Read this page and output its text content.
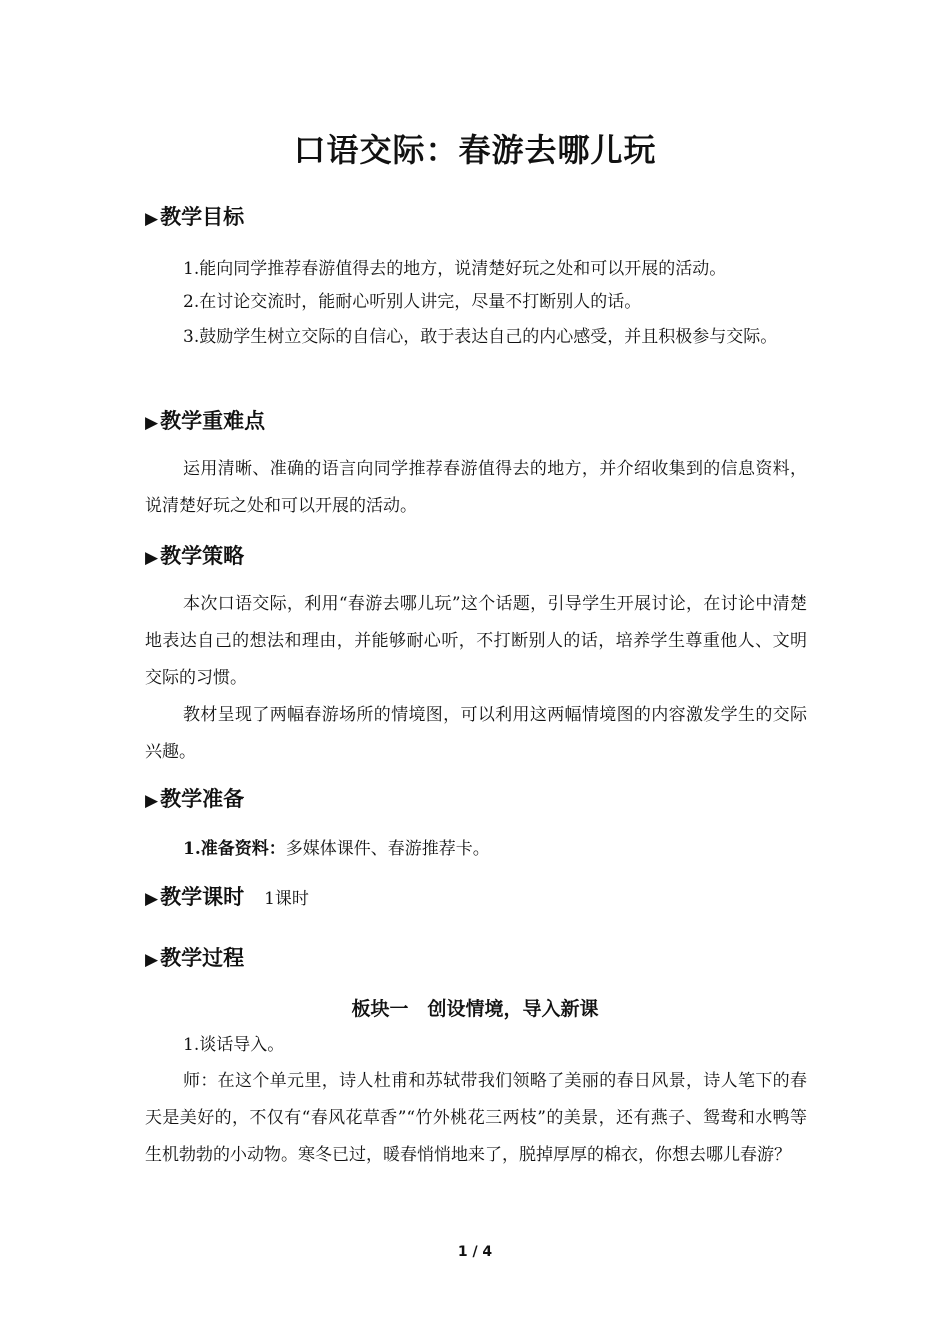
口语交际：春游去哪儿玩
▶教学目标
1.能向同学推荐春游值得去的地方，说清楚好玩之处和可以开展的活动。
2.在讨论交流时，能耐心听别人讲完，尽量不打断别人的话。
3.鼓励学生树立交际的自信心，敢于表达自己的内心感受，并且积极参与交际。
▶教学重难点
运用清晰、准确的语言向同学推荐春游值得去的地方，并介绍收集到的信息资料，说清楚好玩之处和可以开展的活动。
▶教学策略
本次口语交际，利用“春游去哪儿玩”这个话题，引导学生开展讨论，在讨论中清楚地表达自己的想法和理由，并能够耐心听，不打断别人的话，培养学生尊重他人、文明交际的习惯。
教材呈现了两幅春游场所的情境图，可以利用这两幅情境图的内容激发学生的交际兴趣。
▶教学准备
1.准备资料：多媒体课件、春游推荐卡。
▶教学课时 1课时
▶教学过程
板块一　创设情境，导入新课
1.谈话导入。
师：在这个单元里，诗人杜甫和苏轼带我们领略了美丽的春日风景，诗人笔下的春天是美好的，不仅有“春风花草香”“竹外桃花三两枝”的美景，还有燕子、鸳鸯和水鸭等生机勃勃的小动物。寒冬已过，暖春悄悄地来了，脱掉厚厚的棉衣，你想去哪儿春游？
1 / 4
